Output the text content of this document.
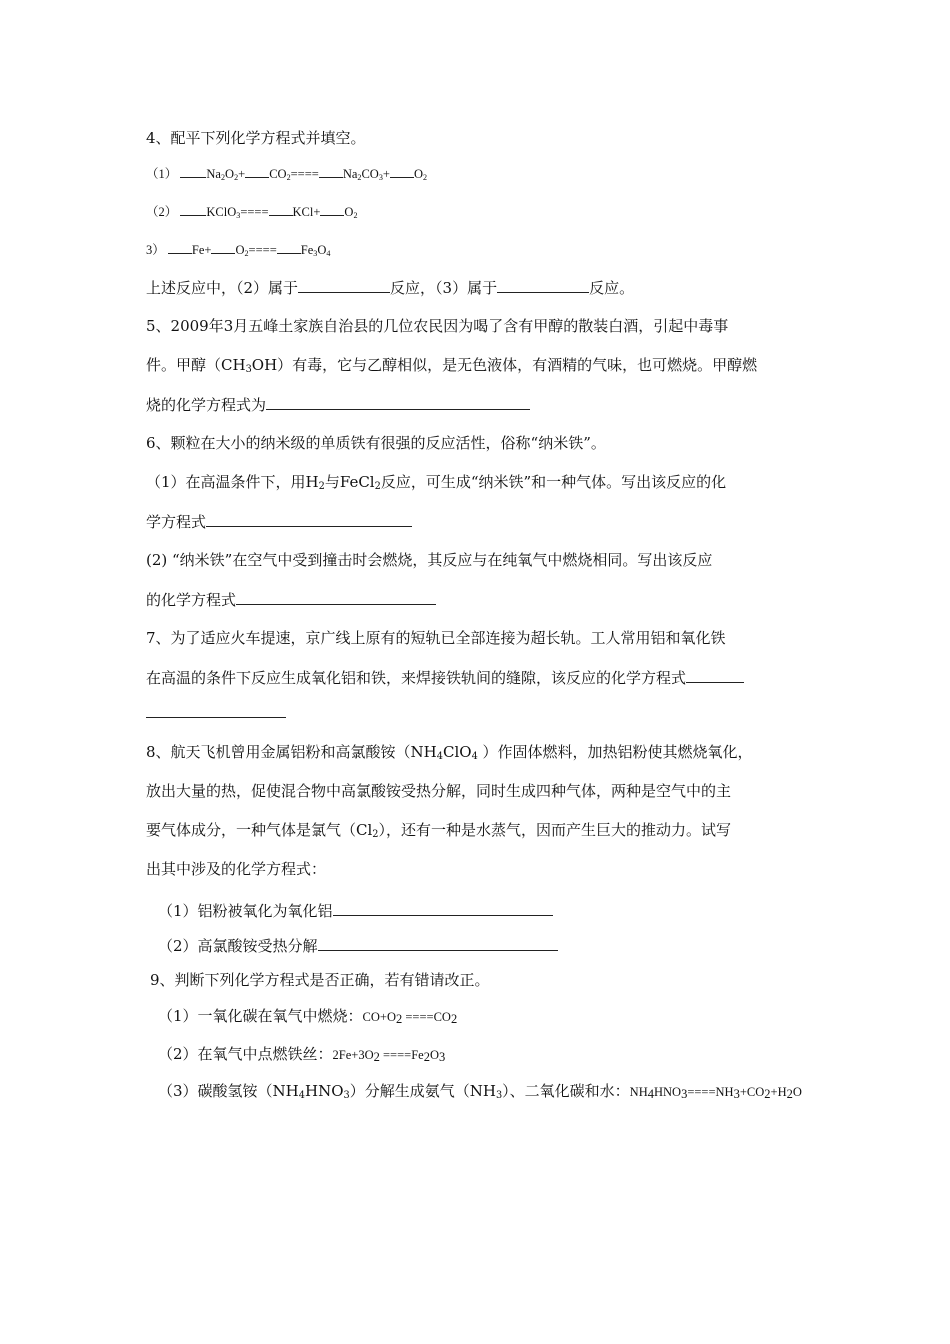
4、配平下列化学方程式并填空。
（1） $Na_2O_2+ CO_2==== Na_2CO_3+ O_2$
（2） KClO$_3$==== $KCl+ O_2$
3） $Fe+ O_2==== Fe_3O_4$
上述反应中，（2）属于	反应，（3）属于	反应。
5、2009年3月五峰土家族自治县的几位农民因为喝了含有甲醇的散装白酒，引起中毒事
件。甲醇$(CH_3OH)$有毒，它与乙醇相似，是无色液体，有酒精的气味，也可燃烧。甲醇燃
烧的化学方程式为
6、颗粒在大小的纳米级的单质铁有很强的反应活性，俗称“纳米铁”。
（1）在高温条件下，用$H_2$与FeCl$_2$反应，可生成“纳米铁”和一种气体。写出该反应的化
学方程式
(2) “纳米铁”在空气中受到撞击时会燃烧，其反应与在纯氧气中燃烧相同。写出该反应
的化学方程式
7、为了适应火车提速，京广线上原有的短轨已全部连接为超长轨。工人常用铝和氧化铁
在高温的条件下反应生成氧化铝和铁，来焊接铁轨间的缝隙，该反应的化学方程式
8、航天飞机曾用金属铝粉和高氯酸铵（$NH_4ClO_4$ ）作固体燃料，加热铝粉使其燃烧氧化，
放出大量的热，促使混合物中高氯酸铵受热分解，同时生成四种气体，两种是空气中的主
要气体成分，一种气体是氯气$(Cl_2)$，还有一种是水蒸气，因而产生巨大的推动力。试写
出其中涉及的化学方程式：
（1）铝粉被氧化为氧化铝
（2）高氯酸铵受热分解
9、判断下列化学方程式是否正确，若有错请改正。
（1）一氧化碳在氧气中燃烧：$CO+O_2 ====CO_2$
（2）在氧气中点燃铁丝：$2Fe+3O_2 ====Fe_2O_3$
（3）碳酸氢铵$(NH_4HNO_3)$分解生成氨气$(NH_3)$、二氧化碳和水：$NH_4HNO_3====NH_3+CO_2+H_2O$
